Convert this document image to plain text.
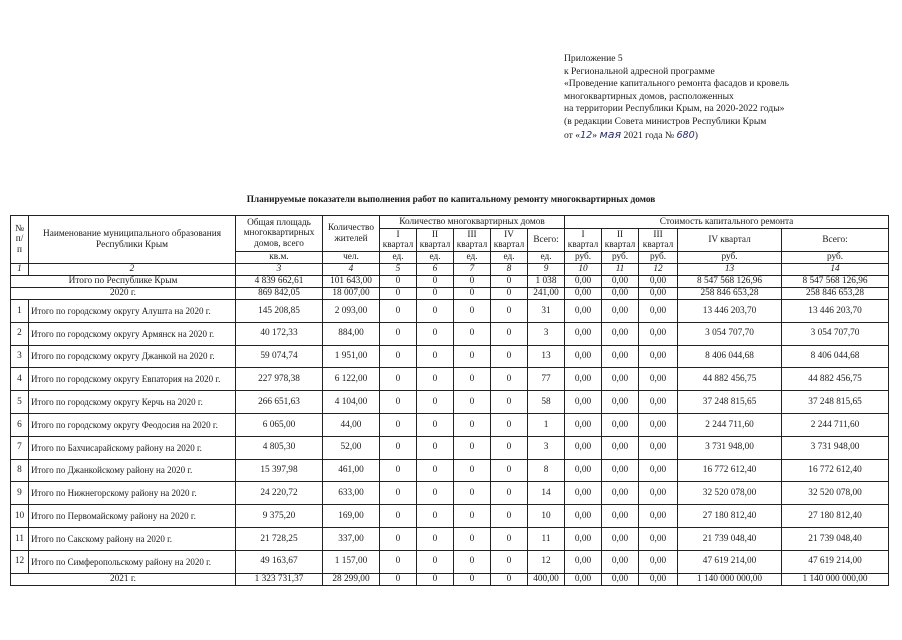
Приложение 5
к Региональной адресной программе
«Проведение капитального ремонта фасадов и кровель
многоквартирных домов, расположенных
на территории Республики Крым, на 2020-2022 годы»
(в редакции Совета министров Республики Крым
от «12» мая 2021 года № 680)
Планируемые показатели выполнения работ по капитальному ремонту многоквартирных домов
№ п/ п	Наименование муниципального образования Республики Крым	Общая площадь многоквартирных домов, всего	Количество жителей	Количество многоквартирных домов					Стоимость капитального ремонта				
				I квартал	II квартал	III квартал	IV квартал	Всего:	I квартал	II квартал	III квартал	IV квартал	Всего:
		кв.м.	чел.	ед.	ед.	ед.	ед.	ед.	руб.	руб.	руб.	руб.	руб.
1	2	3	4	5	6	7	8	9	10	11	12	13	14
Итого по Республике Крым		4 839 662,61	101 643,00	0	0	0	0	1 038	0,00	0,00	0,00	8 547 568 126,96	8 547 568 126,96
2020 г.		869 842,05	18 007,00	0	0	0	0	241,00	0,00	0,00	0,00	258 846 653,28	258 846 653,28
1	Итого по городскому округу Алушта на 2020 г.	145 208,85	2 093,00	0	0	0	0	31	0,00	0,00	0,00	13 446 203,70	13 446 203,70
2	Итого по городскому округу Армянск на 2020 г.	40 172,33	884,00	0	0	0	0	3	0,00	0,00	0,00	3 054 707,70	3 054 707,70
3	Итого по городскому округу Джанкой на 2020 г.	59 074,74	1 951,00	0	0	0	0	13	0,00	0,00	0,00	8 406 044,68	8 406 044,68
4	Итого по городскому округу Евпатория на 2020 г.	227 978,38	6 122,00	0	0	0	0	77	0,00	0,00	0,00	44 882 456,75	44 882 456,75
5	Итого по городскому округу Керчь на 2020 г.	266 651,63	4 104,00	0	0	0	0	58	0,00	0,00	0,00	37 248 815,65	37 248 815,65
6	Итого по городскому округу Феодосия на 2020 г.	6 065,00	44,00	0	0	0	0	1	0,00	0,00	0,00	2 244 711,60	2 244 711,60
7	Итого по Бахчисарайскому району на 2020 г.	4 805,30	52,00	0	0	0	0	3	0,00	0,00	0,00	3 731 948,00	3 731 948,00
8	Итого по Джанкойскому району на 2020 г.	15 397,98	461,00	0	0	0	0	8	0,00	0,00	0,00	16 772 612,40	16 772 612,40
9	Итого по Нижнегорскому району на 2020 г.	24 220,72	633,00	0	0	0	0	14	0,00	0,00	0,00	32 520 078,00	32 520 078,00
10	Итого по Первомайскому району на 2020 г.	9 375,20	169,00	0	0	0	0	10	0,00	0,00	0,00	27 180 812,40	27 180 812,40
11	Итого по Сакскому району на 2020 г.	21 728,25	337,00	0	0	0	0	11	0,00	0,00	0,00	21 739 048,40	21 739 048,40
12	Итого по Симферопольскому району на 2020 г.	49 163,67	1 157,00	0	0	0	0	12	0,00	0,00	0,00	47 619 214,00	47 619 214,00
2021 г.		1 323 731,37	28 299,00	0	0	0	0	400,00	0,00	0,00	0,00	1 140 000 000,00	1 140 000 000,00
